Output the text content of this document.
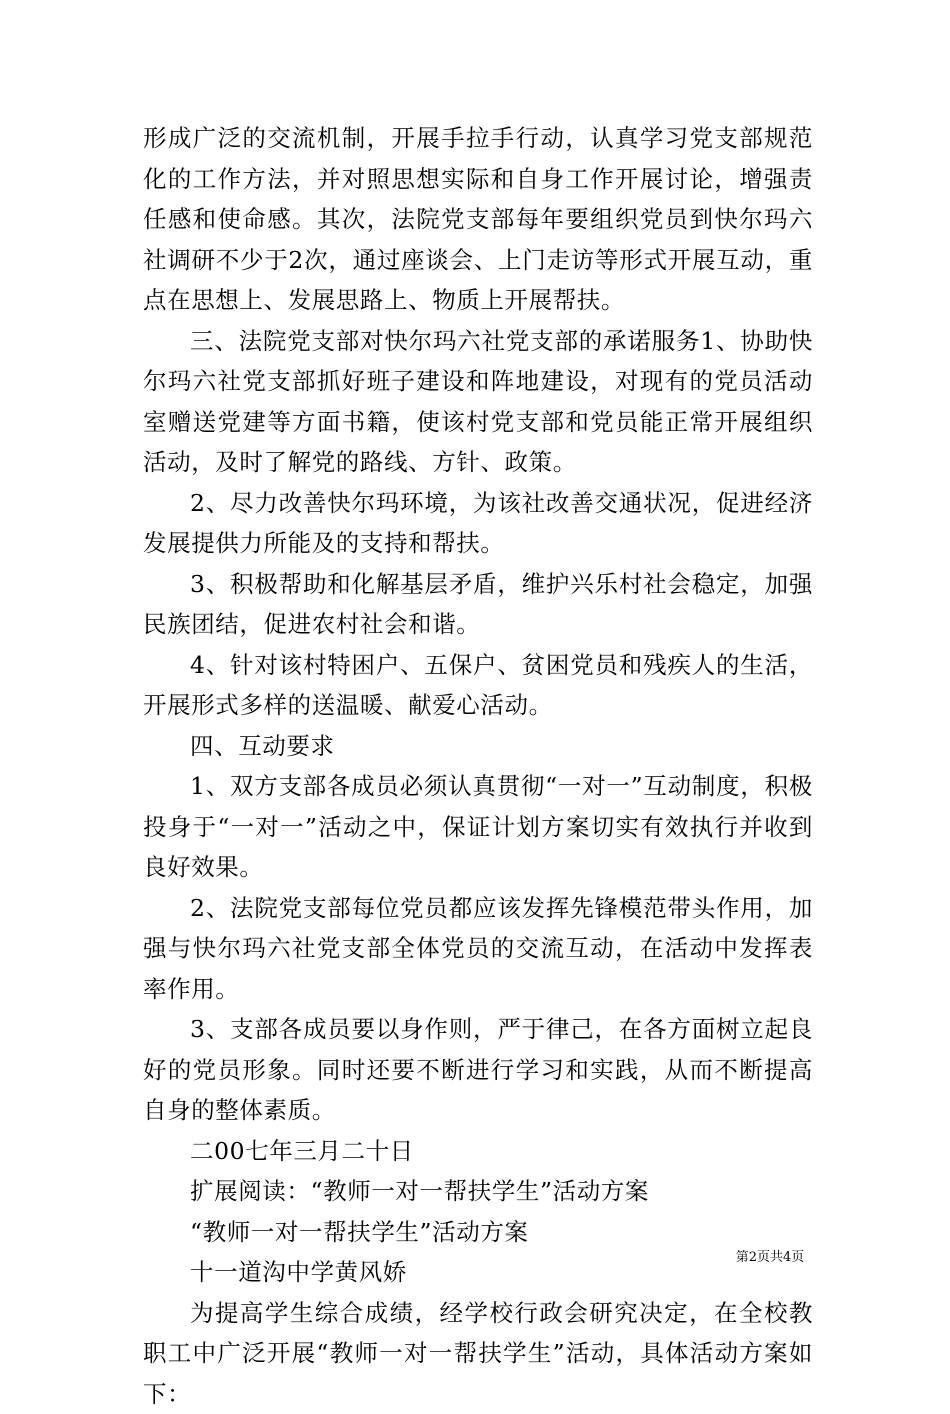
形成广泛的交流机制，开展手拉手行动，认真学习党支部规范化的工作方法，并对照思想实际和自身工作开展讨论，增强责任感和使命感。其次，法院党支部每年要组织党员到快尔玛六社调研不少于2次，通过座谈会、上门走访等形式开展互动，重点在思想上、发展思路上、物质上开展帮扶。

三、法院党支部对快尔玛六社党支部的承诺服务1、协助快尔玛六社党支部抓好班子建设和阵地建设，对现有的党员活动室赠送党建等方面书籍，使该村党支部和党员能正常开展组织活动，及时了解党的路线、方针、政策。

2、尽力改善快尔玛环境，为该社改善交通状况，促进经济发展提供力所能及的支持和帮扶。

3、积极帮助和化解基层矛盾，维护兴乐村社会稳定，加强民族团结，促进农村社会和谐。

4、针对该村特困户、五保户、贫困党员和残疾人的生活，开展形式多样的送温暖、献爱心活动。

四、互动要求

1、双方支部各成员必须认真贯彻“一对一”互动制度，积极投身于“一对一”活动之中，保证计划方案切实有效执行并收到良好效果。

2、法院党支部每位党员都应该发挥先锋模范带头作用，加强与快尔玛六社党支部全体党员的交流互动，在活动中发挥表率作用。

3、支部各成员要以身作则，严于律己，在各方面树立起良好的党员形象。同时还要不断进行学习和实践，从而不断提高自身的整体素质。

二00七年三月二十日

扩展阅读：“教师一对一帮扶学生”活动方案

“教师一对一帮扶学生”活动方案

十一道沟中学黄风娇

为提高学生综合成绩，经学校行政会研究决定，在全校教职工中广泛开展“教师一对一帮扶学生”活动，具体活动方案如下：

第2页共4页
